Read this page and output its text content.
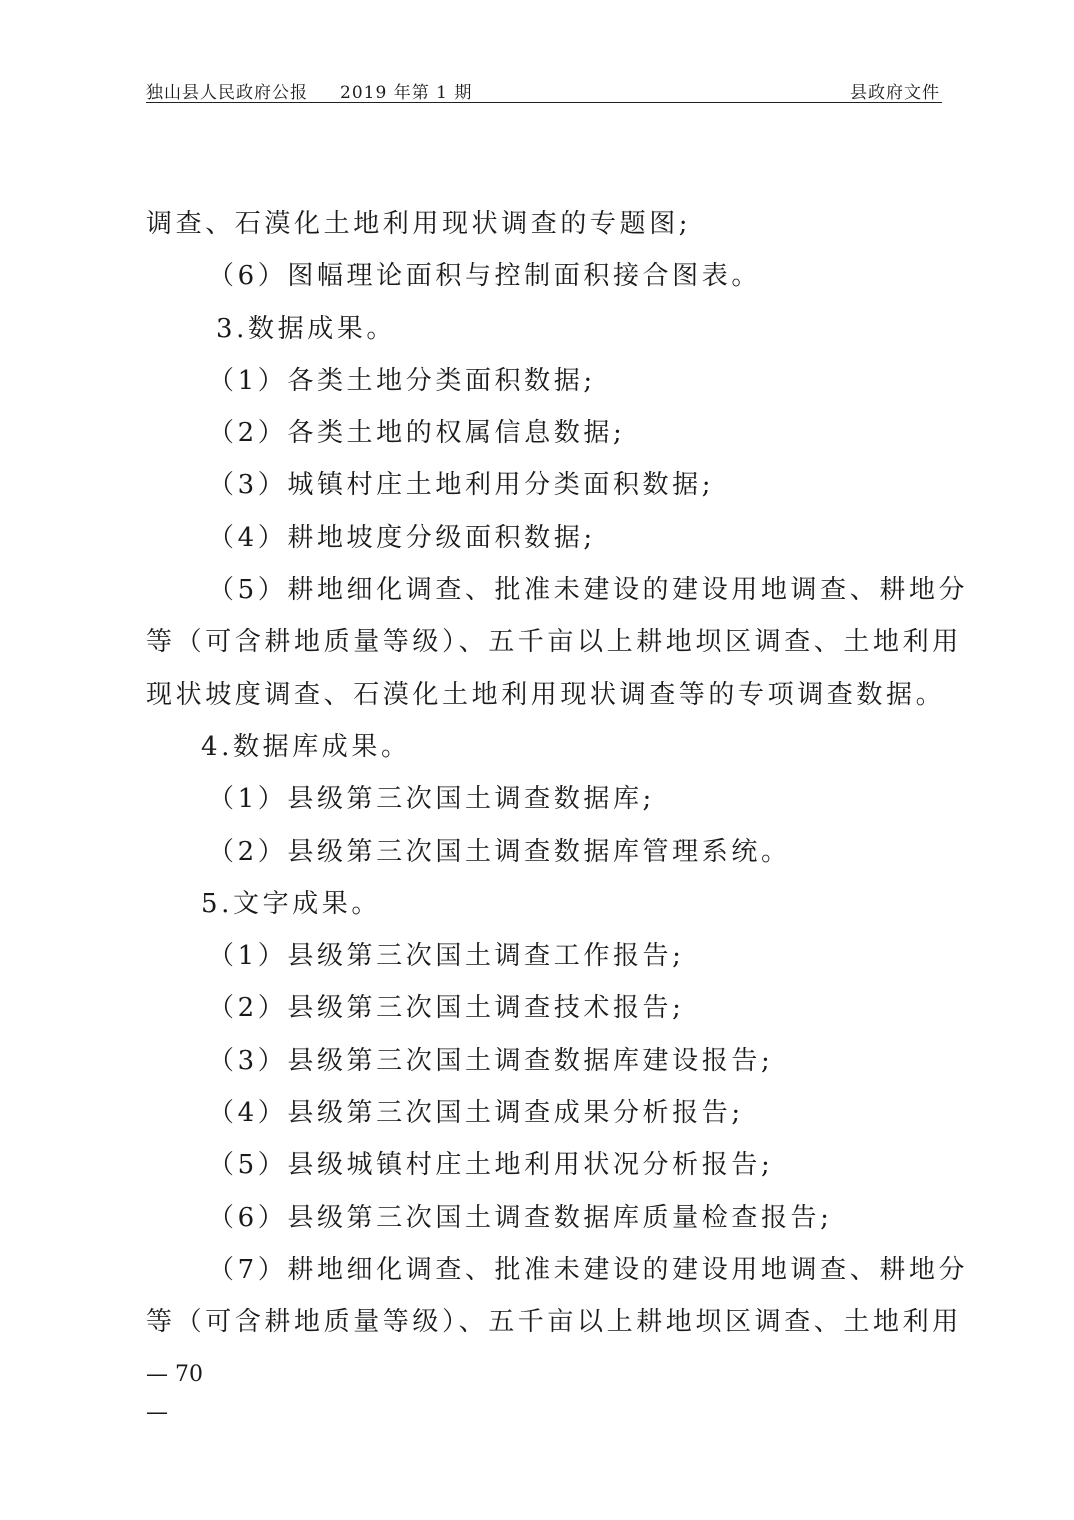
独山县人民政府公报 2019 年第 1 期	县政府文件
调查、石漠化土地利用现状调查的专题图;
（6）图幅理论面积与控制面积接合图表。
3.数据成果。
（1）各类土地分类面积数据;
（2）各类土地的权属信息数据;
（3）城镇村庄土地利用分类面积数据;
（4）耕地坡度分级面积数据;
（5）耕地细化调查、批准未建设的建设用地调查、耕地分
等（可含耕地质量等级）、五千亩以上耕地坝区调查、土地利用
现状坡度调查、石漠化土地利用现状调查等的专项调查数据。
4.数据库成果。
（1）县级第三次国土调查数据库;
（2）县级第三次国土调查数据库管理系统。
5.文字成果。
（1）县级第三次国土调查工作报告;
（2）县级第三次国土调查技术报告;
（3）县级第三次国土调查数据库建设报告;
（4）县级第三次国土调查成果分析报告;
（5）县级城镇村庄土地利用状况分析报告;
（6）县级第三次国土调查数据库质量检查报告;
（7）耕地细化调查、批准未建设的建设用地调查、耕地分
等（可含耕地质量等级）、五千亩以上耕地坝区调查、土地利用
— 70
—
